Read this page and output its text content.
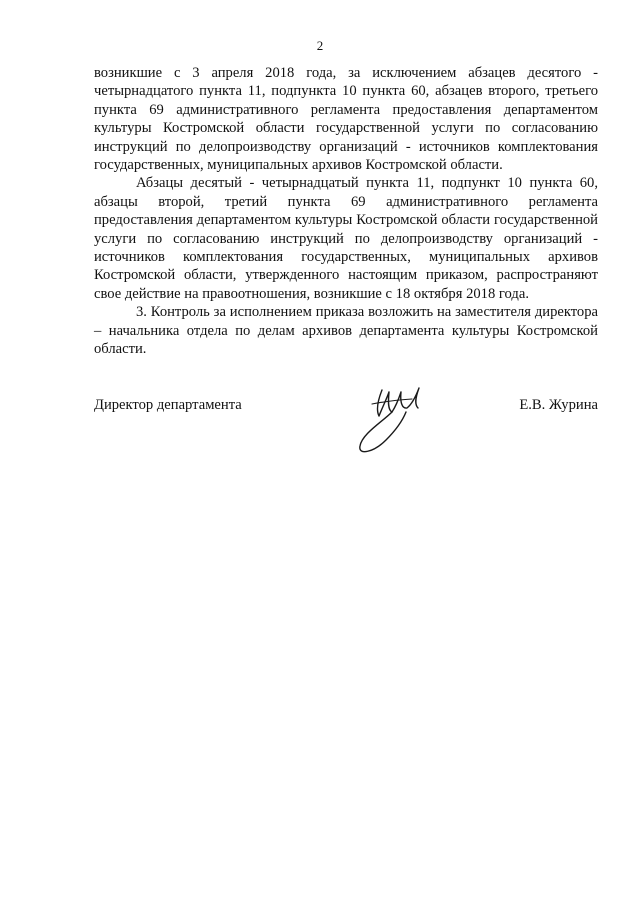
2

возникшие с 3 апреля 2018 года, за исключением абзацев десятого - четырнадцатого пункта 11, подпункта 10 пункта 60, абзацев второго, третьего пункта 69 административного регламента предоставления департаментом культуры Костромской области государственной услуги по согласованию инструкций по делопроизводству организаций - источников комплектования государственных, муниципальных архивов Костромской области.

Абзацы десятый - четырнадцатый пункта 11, подпункт 10 пункта 60, абзацы второй, третий пункта 69 административного регламента предоставления департаментом культуры Костромской области государственной услуги по согласованию инструкций по делопроизводству организаций - источников комплектования государственных, муниципальных архивов Костромской области, утвержденного настоящим приказом, распространяют свое действие на правоотношения, возникшие с 18 октября 2018 года.

3. Контроль за исполнением приказа возложить на заместителя директора – начальника отдела по делам архивов департамента культуры Костромской области.

Директор департамента	Е.В. Журина
